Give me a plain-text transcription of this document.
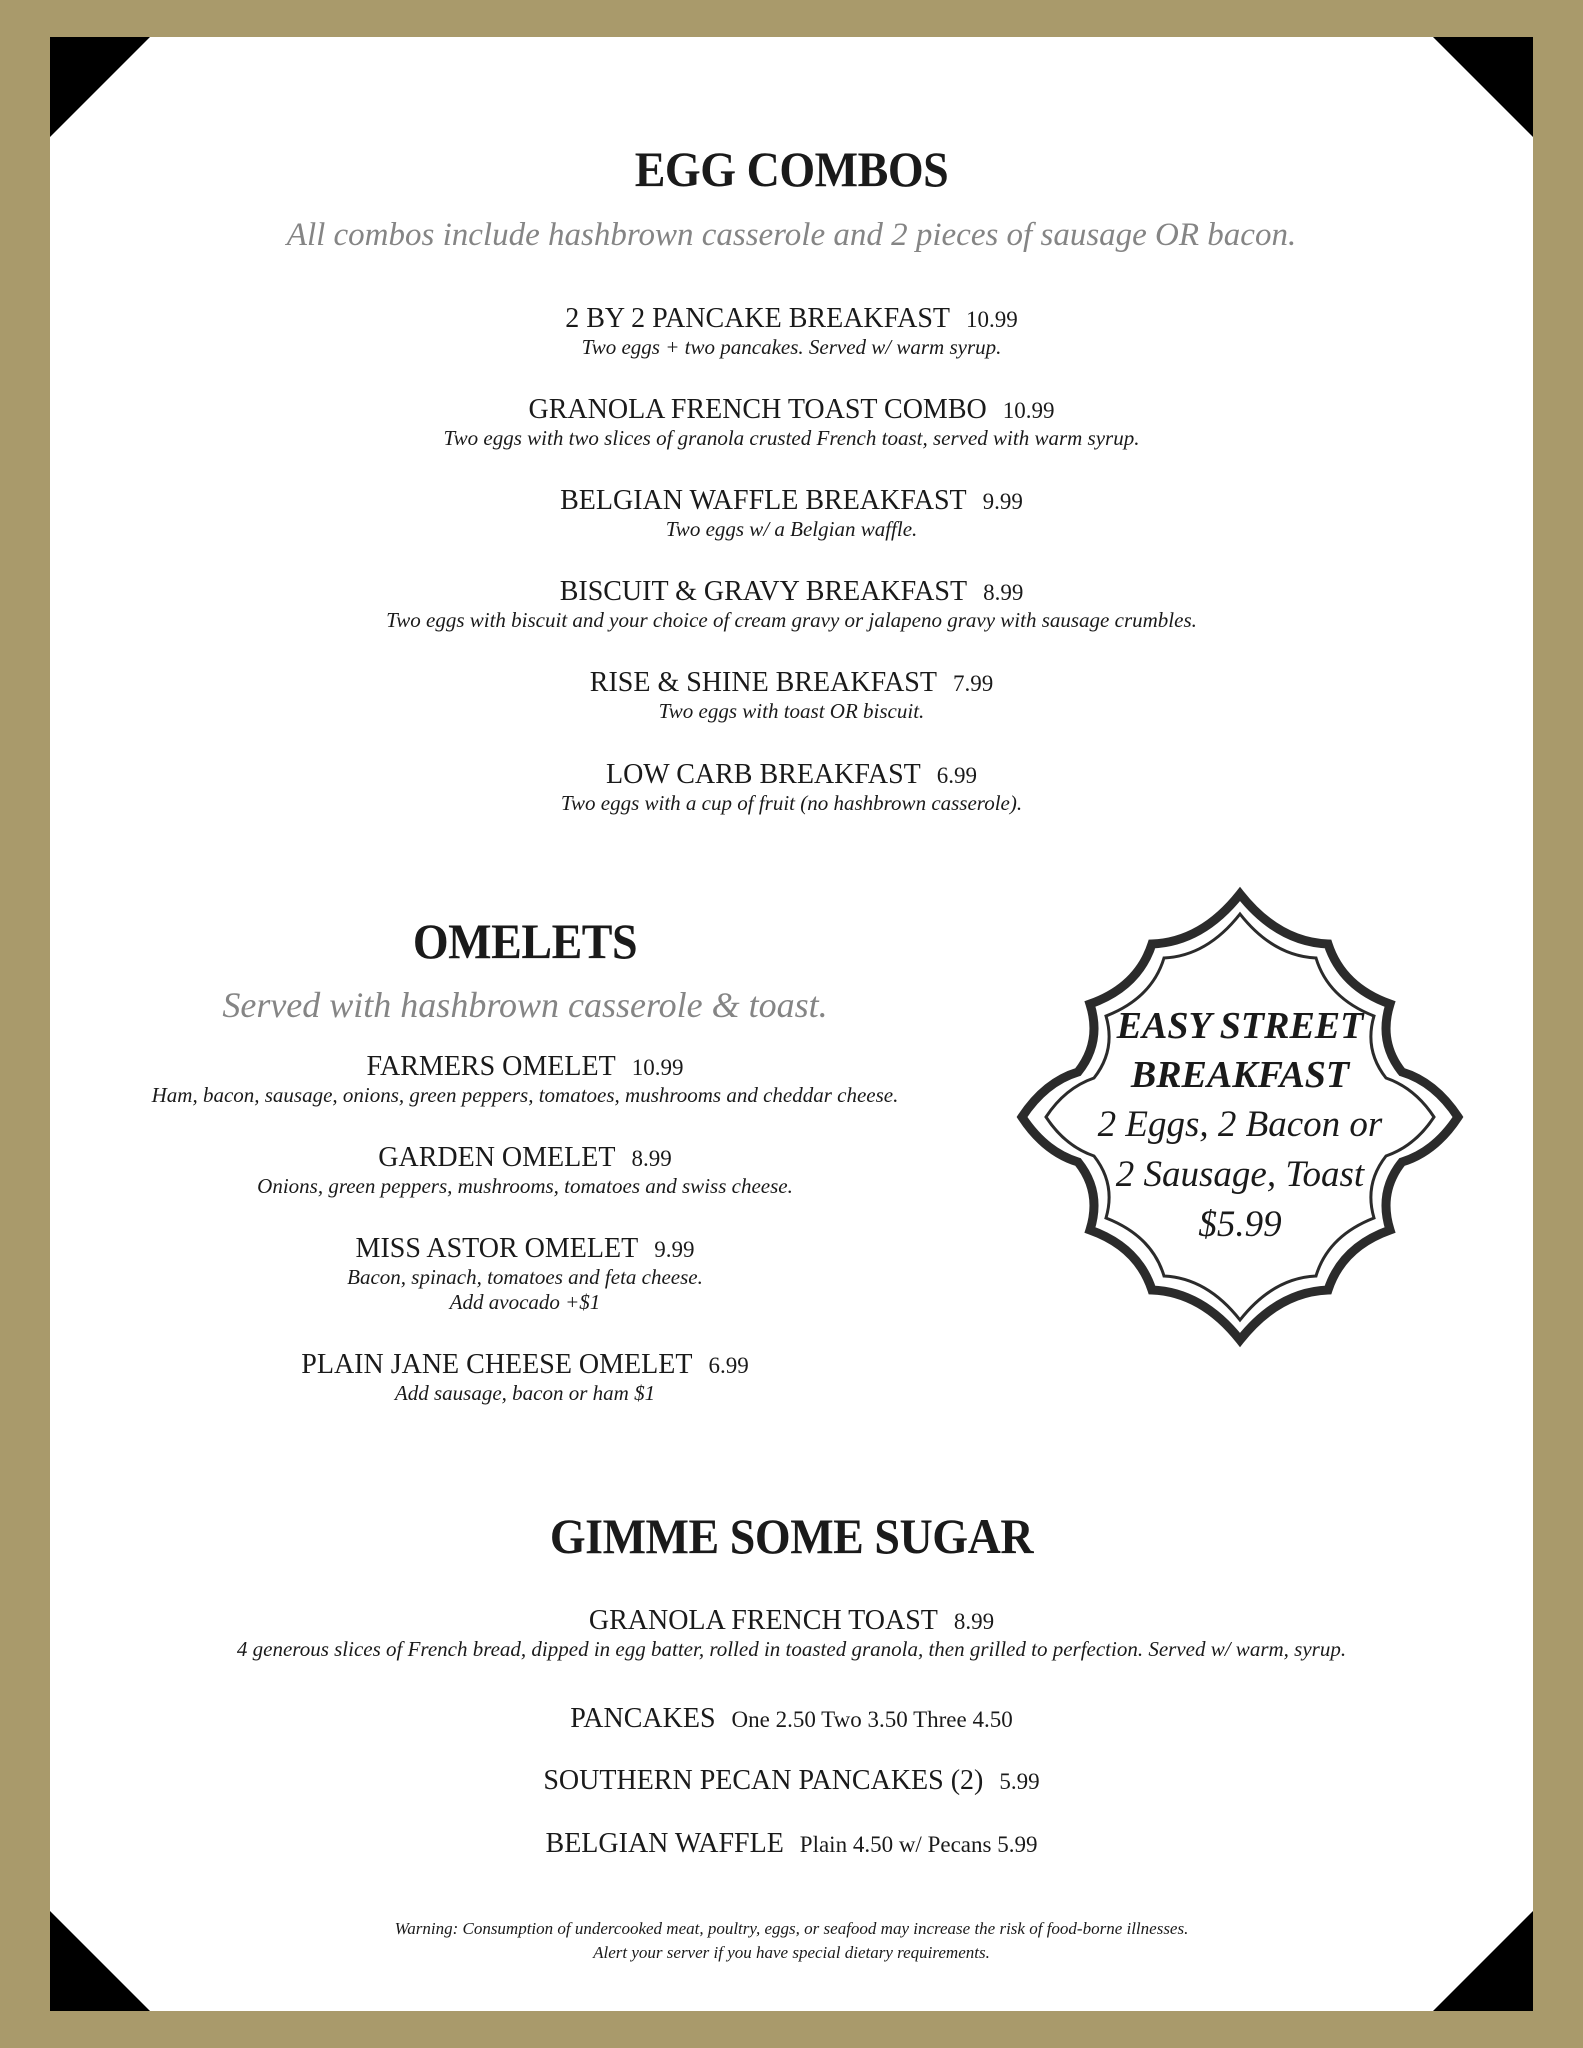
EGG COMBOS

All combos include hashbrown casserole and 2 pieces of sausage OR bacon.

2 BY 2 PANCAKE BREAKFAST 10.99
Two eggs + two pancakes. Served w/ warm syrup.
GRANOLA FRENCH TOAST COMBO 10.99
Two eggs with two slices of granola crusted French toast, served with warm syrup.
BELGIAN WAFFLE BREAKFAST 9.99
Two eggs w/ a Belgian waffle.
BISCUIT & GRAVY BREAKFAST 8.99
Two eggs with biscuit and your choice of cream gravy or jalapeno gravy with sausage crumbles.
RISE & SHINE BREAKFAST 7.99
Two eggs with toast OR biscuit.
LOW CARB BREAKFAST 6.99
Two eggs with a cup of fruit (no hashbrown casserole).
OMELETS

Served with hashbrown casserole & toast.

FARMERS OMELET 10.99
Ham, bacon, sausage, onions, green peppers, tomatoes, mushrooms and cheddar cheese.
GARDEN OMELET 8.99
Onions, green peppers, mushrooms, tomatoes and swiss cheese.
MISS ASTOR OMELET 9.99
Bacon, spinach, tomatoes and feta cheese.
Add avocado +$1
PLAIN JANE CHEESE OMELET 6.99
Add sausage, bacon or ham $1
EASY STREET
BREAKFAST
2 Eggs, 2 Bacon or
2 Sausage, Toast
$5.99
GIMME SOME SUGAR
GRANOLA FRENCH TOAST 8.99
4 generous slices of French bread, dipped in egg batter, rolled in toasted granola, then grilled to perfection. Served w/ warm, syrup.
PANCAKES One 2.50 Two 3.50 Three 4.50
SOUTHERN PECAN PANCAKES (2) 5.99
BELGIAN WAFFLE Plain 4.50 w/ Pecans 5.99
Warning: Consumption of undercooked meat, poultry, eggs, or seafood may increase the risk of food-borne illnesses.
Alert your server if you have special dietary requirements.
